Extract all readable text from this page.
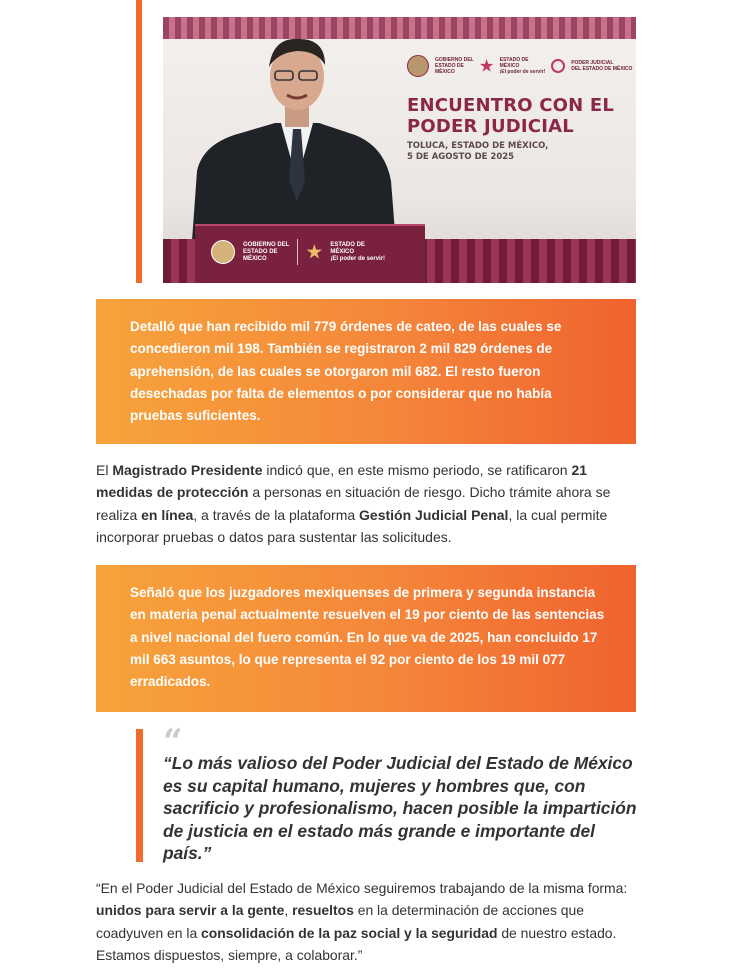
GOBIERNO DEL
ESTADO DE
MÉXICO
ESTADO DE
MÉXICO
¡El poder de servir!
PODER JUDICIAL
DEL ESTADO DE MÉXICO
ENCUENTRO CON EL PODER JUDICIAL
TOLUCA, ESTADO DE MÉXICO,
5 DE AGOSTO DE 2025
GOBIERNO DEL
ESTADO DE
MÉXICO
ESTADO DE
MÉXICO
¡El poder de servir!

Detalló que han recibido mil 779 órdenes de cateo, de las cuales se concedieron mil 198. También se registraron 2 mil 829 órdenes de aprehensión, de las cuales se otorgaron mil 682. El resto fueron desechadas por falta de elementos o por considerar que no había pruebas suficientes.

El Magistrado Presidente indicó que, en este mismo periodo, se ratificaron 21 medidas de protección a personas en situación de riesgo. Dicho trámite ahora se realiza en línea, a través de la plataforma Gestión Judicial Penal, la cual permite incorporar pruebas o datos para sustentar las solicitudes.

Señaló que los juzgadores mexiquenses de primera y segunda instancia en materia penal actualmente resuelven el 19 por ciento de las sentencias a nivel nacional del fuero común. En lo que va de 2025, han concluido 17 mil 663 asuntos, lo que representa el 92 por ciento de los 19 mil 077 erradicados.

“

“Lo más valioso del Poder Judicial del Estado de México es su capital humano, mujeres y hombres que, con sacrificio y profesionalismo, hacen posible la impartición de justicia en el estado más grande e importante del país.”

“En el Poder Judicial del Estado de México seguiremos trabajando de la misma forma: unidos para servir a la gente, resueltos en la determinación de acciones que coadyuven en la consolidación de la paz social y la seguridad de nuestro estado. Estamos dispuestos, siempre, a colaborar.”
